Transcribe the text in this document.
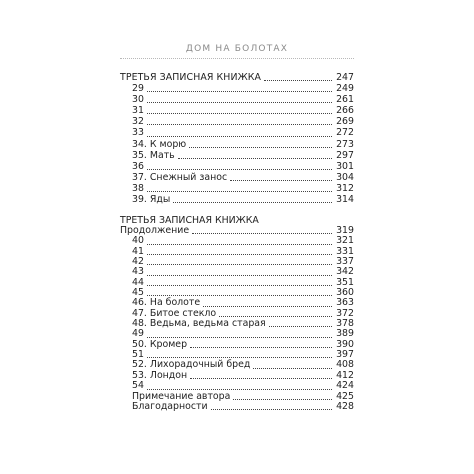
ДОМ НА БОЛОТАХ
ТРЕТЬЯ ЗАПИСНАЯ КНИЖКА	247
29	249
30	261
31	266
32	269
33	272
34. К морю	273
35. Мать	297
36	301
37. Снежный занос	304
38	312
39. Яды	314
ТРЕТЬЯ ЗАПИСНАЯ КНИЖКА
Продолжение	319
40	321
41	331
42	337
43	342
44	351
45	360
46. На болоте	363
47. Битое стекло	372
48. Ведьма, ведьма старая	378
49	389
50. Кромер	390
51	397
52. Лихорадочный бред	408
53. Лондон	412
54	424
Примечание автора	425
Благодарности	428
